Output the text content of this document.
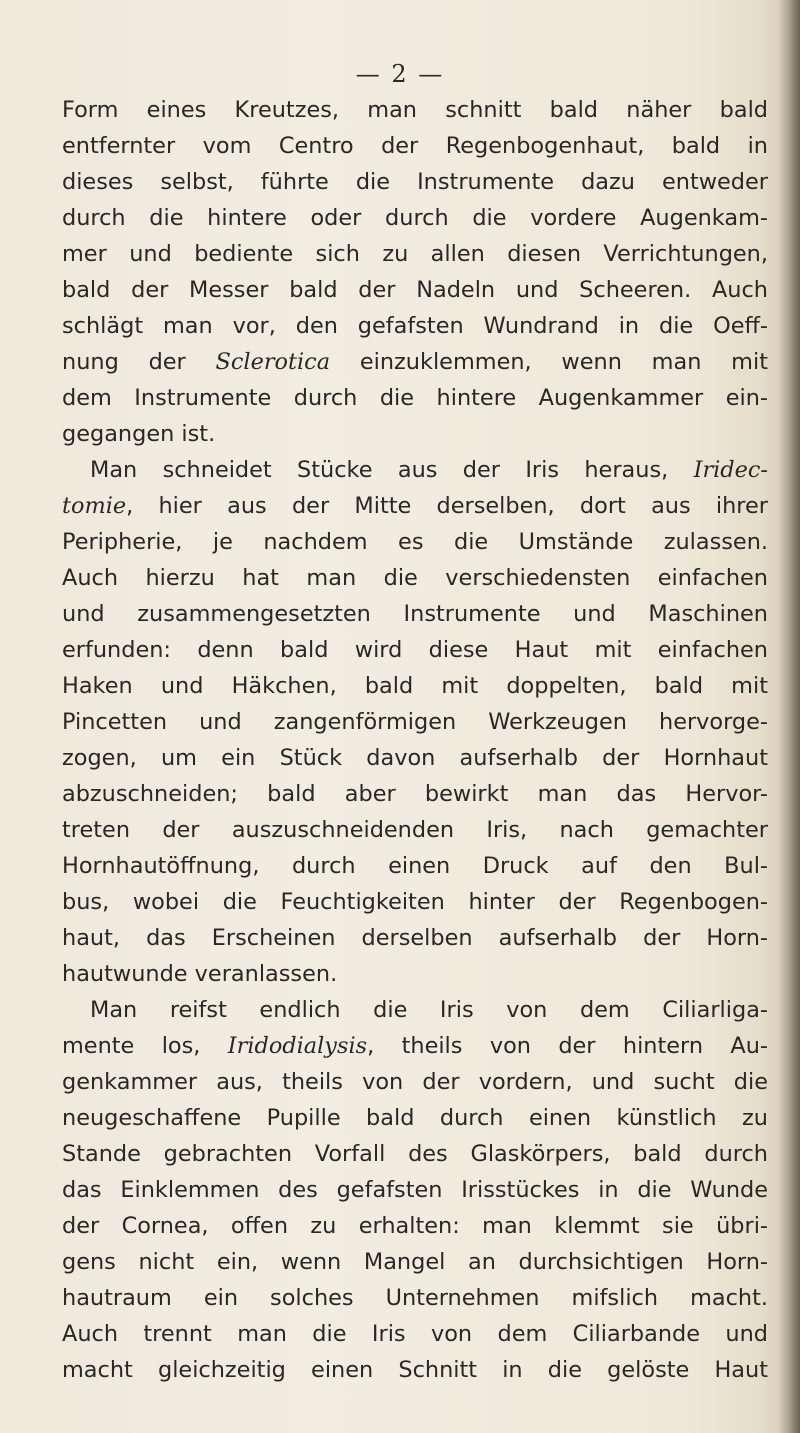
— 2 —
Form eines Kreutzes, man schnitt bald näher bald
entfernter vom Centro der Regenbogenhaut, bald in
dieses selbst, führte die Instrumente dazu entweder
durch die hintere oder durch die vordere Augenkam-
mer und bediente sich zu allen diesen Verrichtungen,
bald der Messer bald der Nadeln und Scheeren. Auch
schlägt man vor, den gefafsten Wundrand in die Oeff-
nung der Sclerotica einzuklemmen, wenn man mit
dem Instrumente durch die hintere Augenkammer ein-
gegangen ist.
Man schneidet Stücke aus der Iris heraus, Iridec-
tomie, hier aus der Mitte derselben, dort aus ihrer
Peripherie, je nachdem es die Umstände zulassen.
Auch hierzu hat man die verschiedensten einfachen
und zusammengesetzten Instrumente und Maschinen
erfunden: denn bald wird diese Haut mit einfachen
Haken und Häkchen, bald mit doppelten, bald mit
Pincetten und zangenförmigen Werkzeugen hervorge-
zogen, um ein Stück davon aufserhalb der Hornhaut
abzuschneiden; bald aber bewirkt man das Hervor-
treten der auszuschneidenden Iris, nach gemachter
Hornhautöffnung, durch einen Druck auf den Bul-
bus, wobei die Feuchtigkeiten hinter der Regenbogen-
haut, das Erscheinen derselben aufserhalb der Horn-
hautwunde veranlassen.
Man reifst endlich die Iris von dem Ciliarliga-
mente los, Iridodialysis, theils von der hintern Au-
genkammer aus, theils von der vordern, und sucht die
neugeschaffene Pupille bald durch einen künstlich zu
Stande gebrachten Vorfall des Glaskörpers, bald durch
das Einklemmen des gefafsten Irisstückes in die Wunde
der Cornea, offen zu erhalten: man klemmt sie übri-
gens nicht ein, wenn Mangel an durchsichtigen Horn-
hautraum ein solches Unternehmen mifslich macht.
Auch trennt man die Iris von dem Ciliarbande und
macht gleichzeitig einen Schnitt in die gelöste Haut
